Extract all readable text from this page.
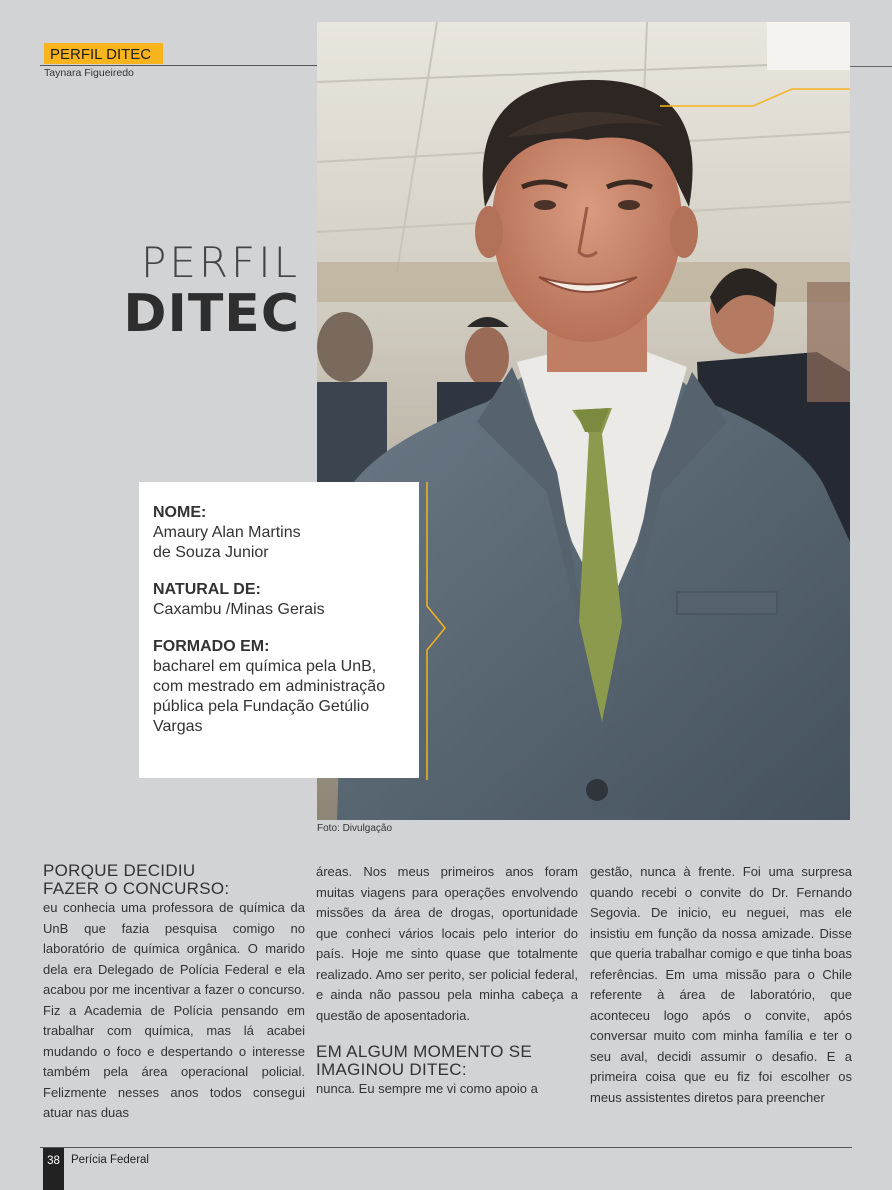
PERFIL DITEC
Taynara Figueiredo
PERFIL
DITEC
Foto: Divulgação
NOME:
Amaury Alan Martins
de Souza Junior
NATURAL DE:
Caxambu /Minas Gerais
FORMADO EM:
bacharel em química pela UnB,
com mestrado em administração
pública pela Fundação Getúlio
Vargas
PORQUE DECIDIU
FAZER O CONCURSO:

eu conhecia uma professora de química da UnB que fazia pesquisa comigo no laboratório de química orgânica. O marido dela era Delegado de Polícia Federal e ela acabou por me incentivar a fazer o concurso. Fiz a Academia de Polícia pensando em trabalhar com química, mas lá acabei mudando o foco e despertando o interesse também pela área operacional policial. Felizmente nesses anos todos consegui atuar nas duas

áreas. Nos meus primeiros anos foram muitas viagens para operações envolvendo missões da área de drogas, oportunidade que conheci vários locais pelo interior do país. Hoje me sinto quase que totalmente realizado. Amo ser perito, ser policial federal, e ainda não passou pela minha cabeça a questão de aposentadoria.

EM ALGUM MOMENTO SE
IMAGINOU DITEC:

nunca. Eu sempre me vi como apoio a

gestão, nunca à frente. Foi uma surpresa quando recebi o convite do Dr. Fernando Segovia. De inicio, eu neguei, mas ele insistiu em função da nossa amizade. Disse que queria trabalhar comigo e que tinha boas referências. Em uma missão para o Chile referente à área de laboratório, que aconteceu logo após o convite, após conversar muito com minha família e ter o seu aval, decidi assumir o desafio. E a primeira coisa que eu fiz foi escolher os meus assistentes diretos para preencher

38 Perícia Federal
